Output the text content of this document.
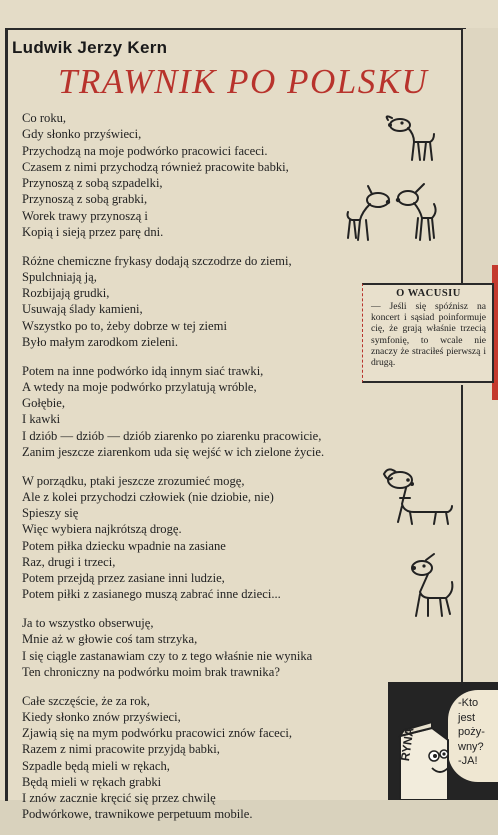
Ludwik Jerzy Kern
TRAWNIK PO POLSKU
Co roku,
Gdy słonko przyświeci,
Przychodzą na moje podwórko pracowici faceci.
Czasem z nimi przychodzą również pracowite babki,
Przynoszą z sobą szpadelki,
Przynoszą z sobą grabki,
Worek trawy przynoszą i
Kopią i sieją przez parę dni.
Różne chemiczne frykasy dodają szczodrze do ziemi,
Spulchniają ją,
Rozbijają grudki,
Usuwają ślady kamieni,
Wszystko po to, żeby dobrze w tej ziemi
Było małym zarodkom zieleni.
Potem na inne podwórko idą innym siać trawki,
A wtedy na moje podwórko przylatują wróble,
Gołębie,
I kawki
I dziób — dziób — dziób ziarenko po ziarenku pracowicie,
Zanim jeszcze ziarenkom uda się wejść w ich zielone życie.
W porządku, ptaki jeszcze zrozumieć mogę,
Ale z kolei przychodzi człowiek (nie dziobie, nie)
Spieszy się
Więc wybiera najkrótszą drogę.
Potem piłka dziecku wpadnie na zasiane
Raz, drugi i trzeci,
Potem przejdą przez zasiane inni ludzie,
Potem piłki z zasianego muszą zabrać inne dzieci...
Ja to wszystko obserwuję,
Mnie aż w głowie coś tam strzyka,
I się ciągle zastanawiam czy to z tego właśnie nie wynika
Ten chroniczny na podwórku moim brak trawnika?
Całe szczęście, że za rok,
Kiedy słonko znów przyświeci,
Zjawią się na mym podwórku pracowici znów faceci,
Razem z nimi pracowite przyjdą babki,
Szpadle będą mieli w rękach,
Będą mieli w rękach grabki
I znów zacznie kręcić się przez chwilę
Podwórkowe, trawnikowe perpetuum mobile.
O WACUSIU
— Jeśli się spóźnisz na koncert i sąsiad poinformuje cię, że grają właśnie trzecią symfonię, to wcale nie znaczy że straciłeś pierwszą i drugą.
-Kto
jest
poży-
wny?
-JA!
RYNA
